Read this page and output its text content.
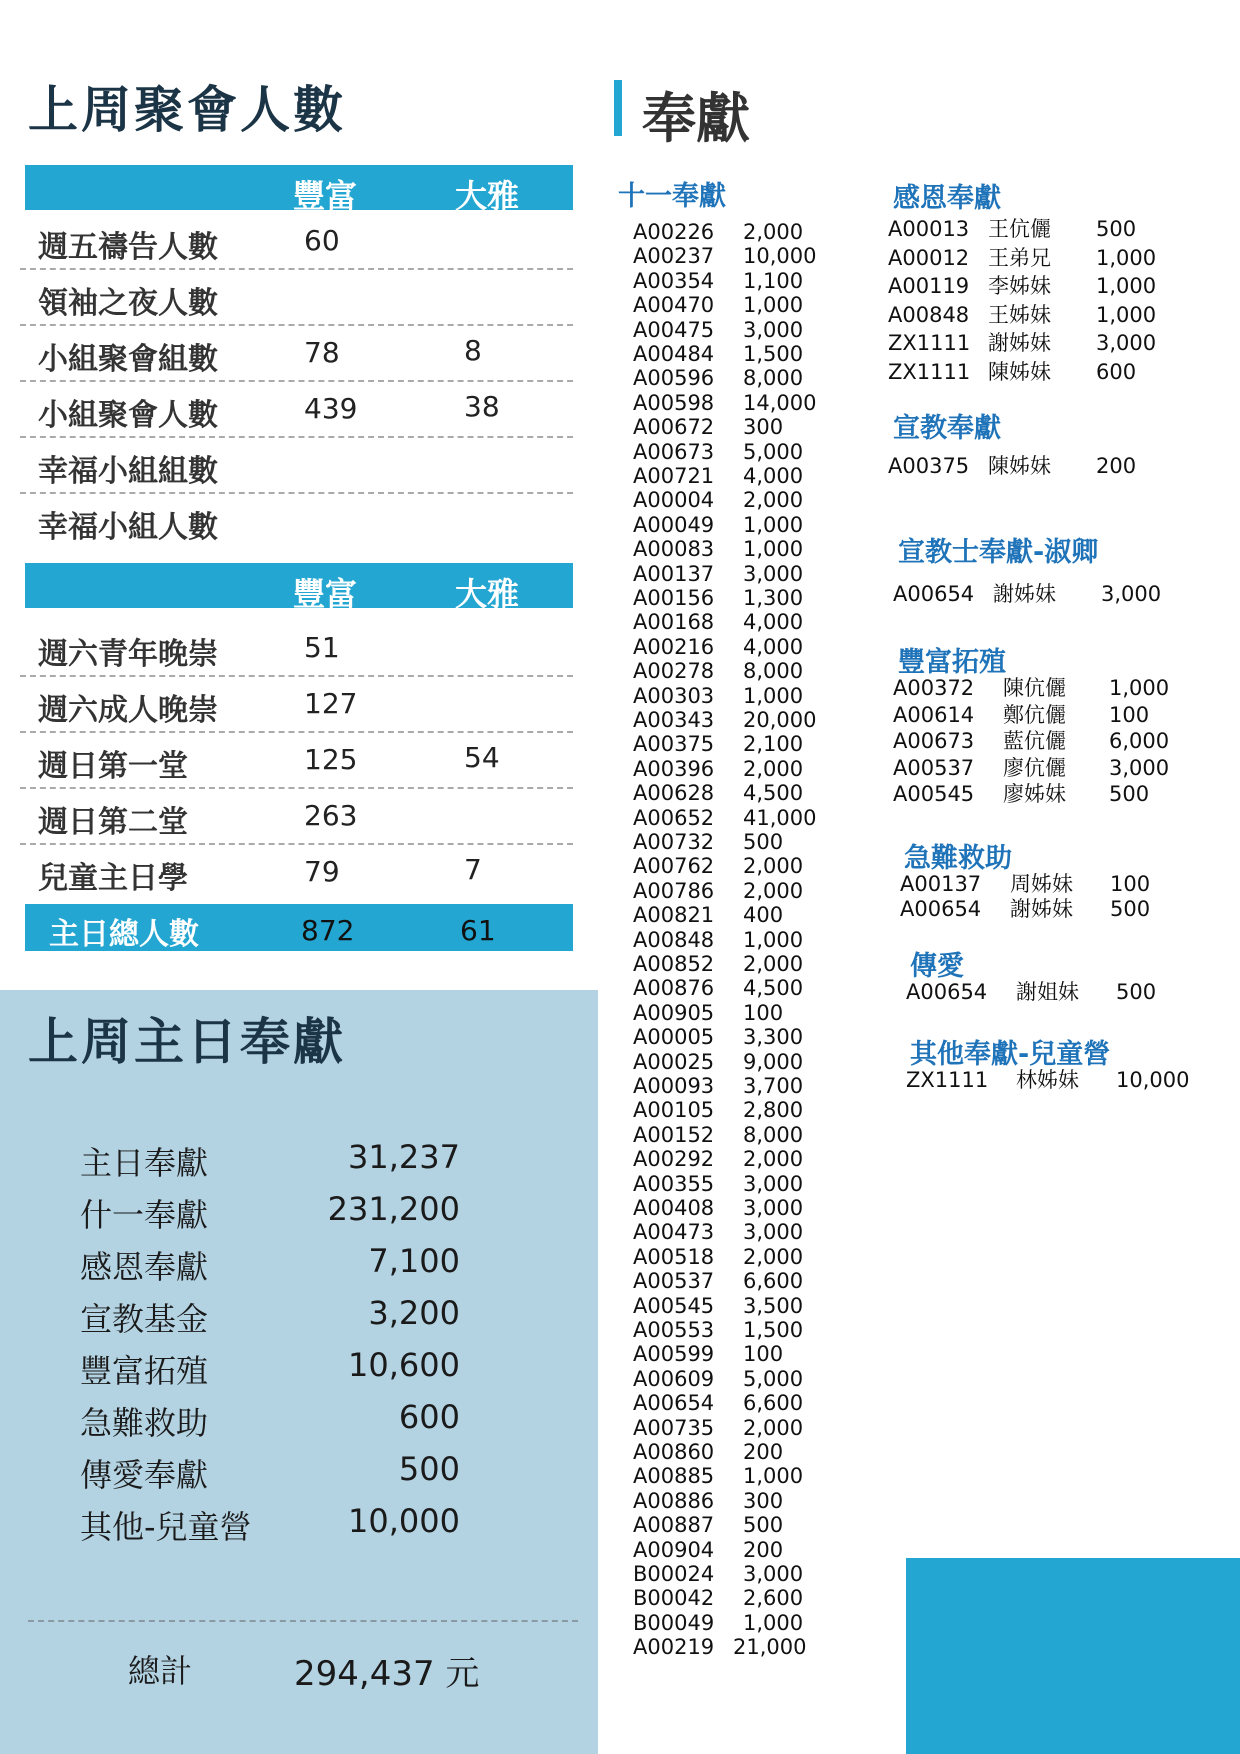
上周聚會人數
豐富	大雅
週五禱告人數	60
領袖之夜人數
小組聚會組數	78	8
小組聚會人數	439	38
幸福小組組數
幸福小組人數
豐富	大雅
週六青年晚崇	51
週六成人晚崇	127
週日第一堂	125	54
週日第二堂	263
兒童主日學	79	7
主日總人數	872	61
上周主日奉獻
主日奉獻	31,237
什一奉獻	231,200
感恩奉獻	7,100
宣教基金	3,200
豐富拓殖	10,600
急難救助	600
傳愛奉獻	500
其他-兒童營	10,000
總計	294,437 元
奉獻
十一奉獻
A00226 2,000
A00237 10,000
A00354 1,100
A00470 1,000
A00475 3,000
A00484 1,500
A00596 8,000
A00598 14,000
A00672 300
A00673 5,000
A00721 4,000
A00004 2,000
A00049 1,000
A00083 1,000
A00137 3,000
A00156 1,300
A00168 4,000
A00216 4,000
A00278 8,000
A00303 1,000
A00343 20,000
A00375 2,100
A00396 2,000
A00628 4,500
A00652 41,000
A00732 500
A00762 2,000
A00786 2,000
A00821 400
A00848 1,000
A00852 2,000
A00876 4,500
A00905 100
A00005 3,300
A00025 9,000
A00093 3,700
A00105 2,800
A00152 8,000
A00292 2,000
A00355 3,000
A00408 3,000
A00473 3,000
A00518 2,000
A00537 6,600
A00545 3,500
A00553 1,500
A00599 100
A00609 5,000
A00654 6,600
A00735 2,000
A00860 200
A00885 1,000
A00886 300
A00887 500
A00904 200
B00024 3,000
B00042 2,600
B00049 1,000
A00219 21,000
感恩奉獻
A00013 王伉儷 500
A00012 王弟兄 1,000
A00119 李姊妹 1,000
A00848 王姊妹 1,000
ZX1111 謝姊妹 3,000
ZX1111 陳姊妹 600
宣教奉獻
A00375 陳姊妹 200
宣教士奉獻-淑卿
A00654 謝姊妹 3,000
豐富拓殖
A00372 陳伉儷 1,000
A00614 鄭伉儷 100
A00673 藍伉儷 6,000
A00537 廖伉儷 3,000
A00545 廖姊妹 500
急難救助
A00137 周姊妹 100
A00654 謝姊妹 500
傳愛
A00654 謝姐妹 500
其他奉獻-兒童營
ZX1111 林姊妹 10,000
